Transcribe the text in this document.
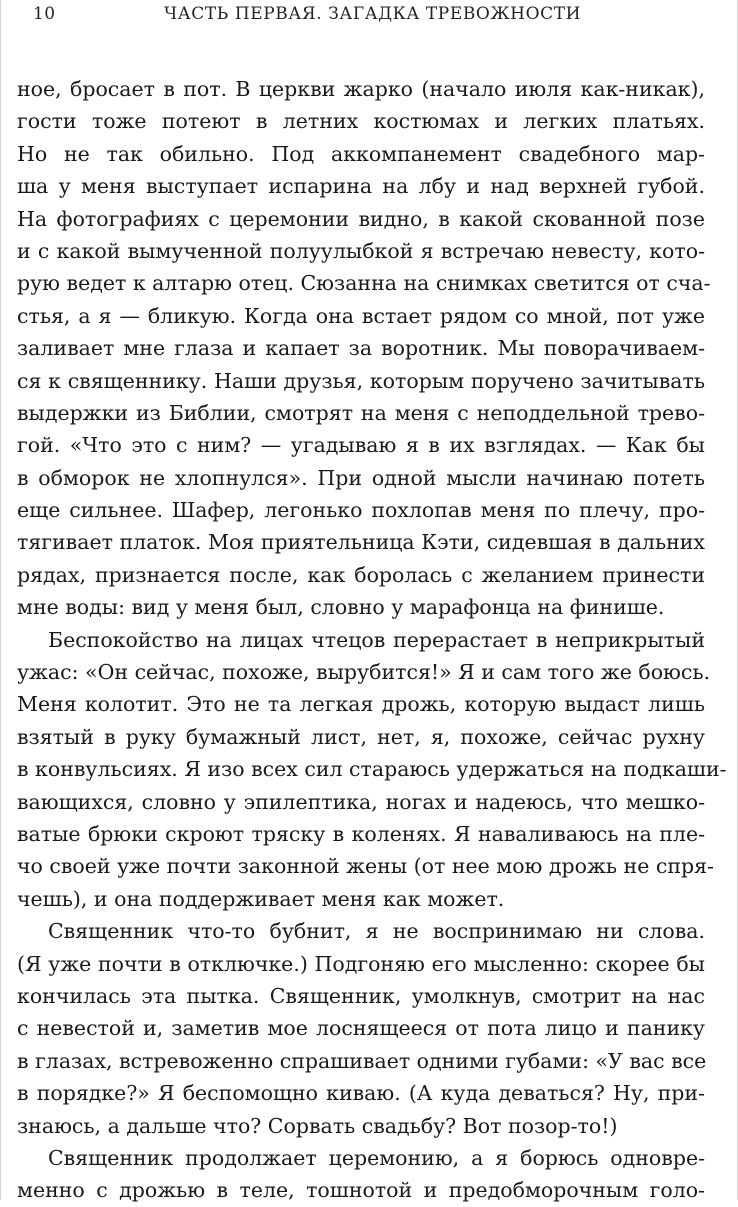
10	ЧАСТЬ ПЕРВАЯ. ЗАГАДКА ТРЕВОЖНОСТИ
ное, бросает в пот. В церкви жарко (начало июля как-никак),
гости тоже потеют в летних костюмах и легких платьях.
Но не так обильно. Под аккомпанемент свадебного мар-
ша у меня выступает испарина на лбу и над верхней губой.
На фотографиях с церемонии видно, в какой скованной позе
и с какой вымученной полуулыбкой я встречаю невесту, кото-
рую ведет к алтарю отец. Сюзанна на снимках светится от сча-
стья, а я — бликую. Когда она встает рядом со мной, пот уже
заливает мне глаза и капает за воротник. Мы поворачиваем-
ся к священнику. Наши друзья, которым поручено зачитывать
выдержки из Библии, смотрят на меня с неподдельной трево-
гой. «Что это с ним? — угадываю я в их взглядах. — Как бы
в обморок не хлопнулся». При одной мысли начинаю потеть
еще сильнее. Шафер, легонько похлопав меня по плечу, про-
тягивает платок. Моя приятельница Кэти, сидевшая в дальних
рядах, признается после, как боролась с желанием принести
мне воды: вид у меня был, словно у марафонца на финише.
Беспокойство на лицах чтецов перерастает в неприкрытый
ужас: «Он сейчас, похоже, вырубится!» Я и сам того же боюсь.
Меня колотит. Это не та легкая дрожь, которую выдаст лишь
взятый в руку бумажный лист, нет, я, похоже, сейчас рухну
в конвульсиях. Я изо всех сил стараюсь удержаться на подкаши-
вающихся, словно у эпилептика, ногах и надеюсь, что мешко-
ватые брюки скроют тряску в коленях. Я наваливаюсь на пле-
чо своей уже почти законной жены (от нее мою дрожь не спря-
чешь), и она поддерживает меня как может.
Священник что-то бубнит, я не воспринимаю ни слова.
(Я уже почти в отключке.) Подгоняю его мысленно: скорее бы
кончилась эта пытка. Священник, умолкнув, смотрит на нас
с невестой и, заметив мое лоснящееся от пота лицо и панику
в глазах, встревоженно спрашивает одними губами: «У вас все
в порядке?» Я беспомощно киваю. (А куда деваться? Ну, при-
знаюсь, а дальше что? Сорвать свадьбу? Вот позор-то!)
Священник продолжает церемонию, а я борюсь одновре-
менно с дрожью в теле, тошнотой и предобморочным голо-
